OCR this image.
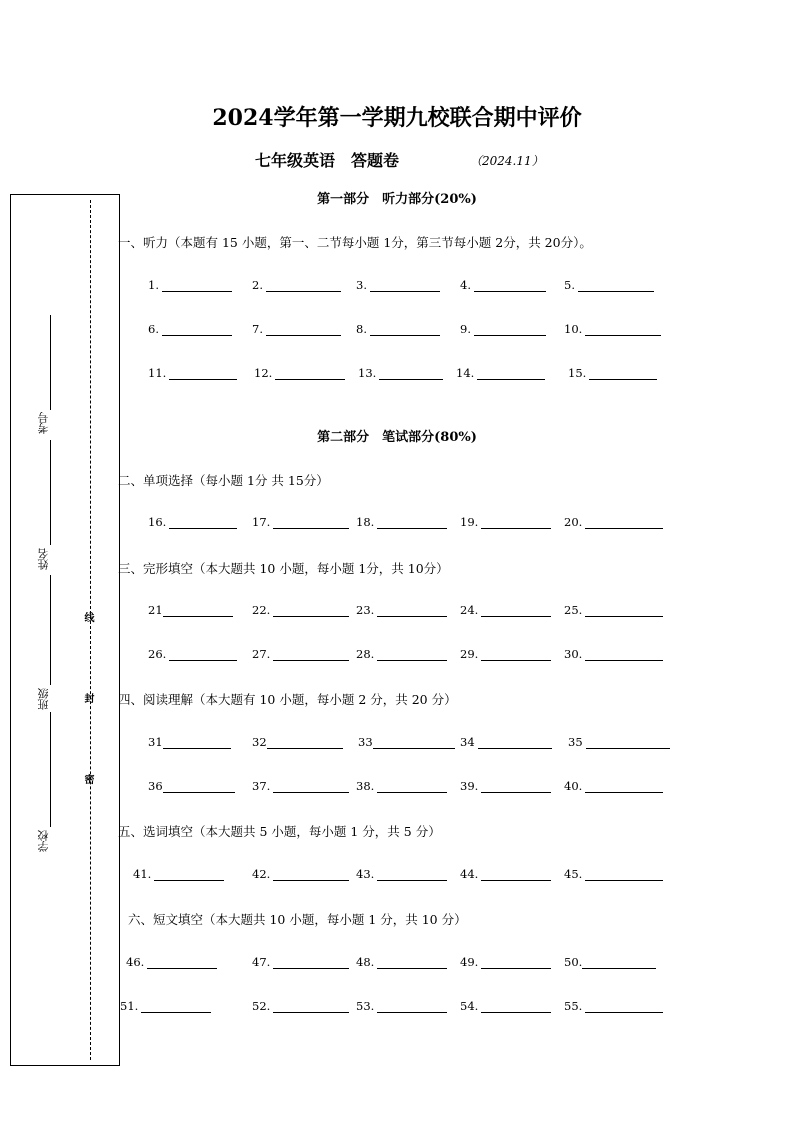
2024学年第一学期九校联合期中评价
七年级英语　答题卷	（2024.11）
考号
姓名
班级
学校
线
封
密
第一部分　听力部分(20%)
一、听力（本题有 15 小题，第一、二节每小题 1分，第三节每小题 2分，共 20分）。
1.	2.	3.	4.	5.
6.	7.	8.	9.	10.
11.	12.	13.	14.	15.
第二部分　笔试部分(80%)
二、单项选择（每小题 1分 共 15分）
16.	17.	18.	19.	20.
三、完形填空（本大题共 10 小题，每小题 1分，共 10分）
21	22.	23.	24.	25.
26.	27.	28.	29.	30.
四、阅读理解（本大题有 10 小题，每小题 2 分，共 20 分）
31	32	33	34	35
36	37.	38.	39.	40.
五、选词填空（本大题共 5 小题，每小题 1 分，共 5 分）
41.	42.	43.	44.	45.
六、短文填空（本大题共 10 小题，每小题 1 分，共 10 分）
46.	47.	48.	49.	50.
51.	52.	53.	54.	55.
